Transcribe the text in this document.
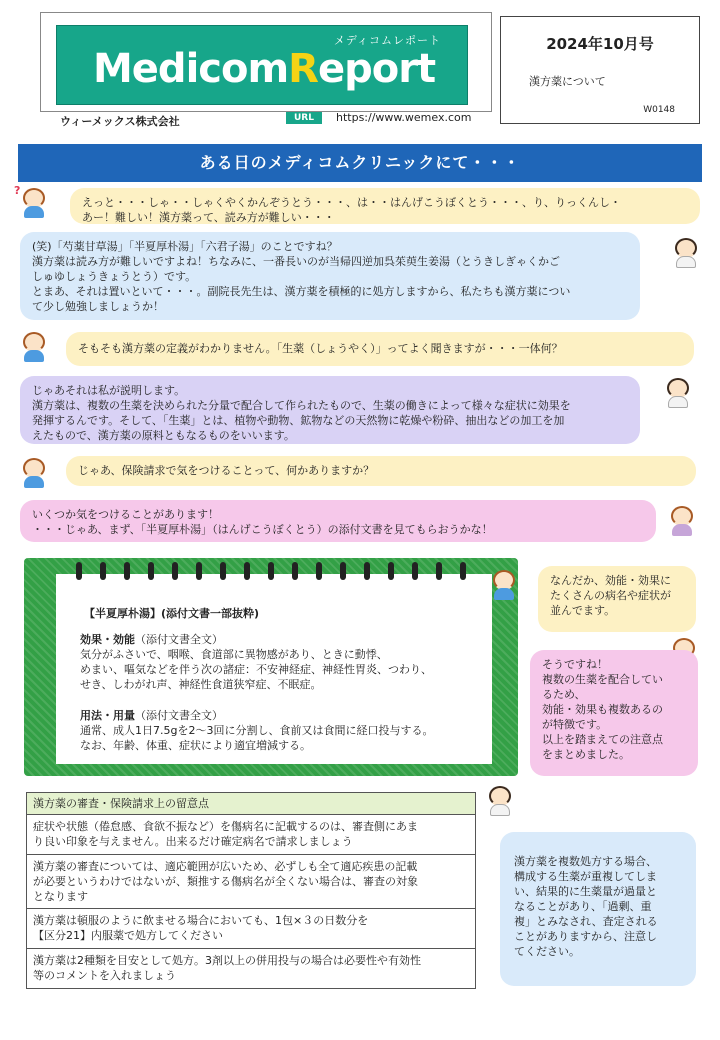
メディコムレポート
MedicomReport
ウィーメックス株式会社	URL	https://www.wemex.com
2024年10月号
漢方薬について
W0148
ある日のメディコムクリニックにて・・・
?
えっと・・・しゃ・・しゃくやくかんぞうとう・・・、は・・はんげこうぼくとう・・・、り、りっくんし・
あー！難しい！漢方薬って、読み方が難しい・・・
(笑)「芍薬甘草湯」「半夏厚朴湯」「六君子湯」のことですね？
漢方薬は読み方が難しいですよね！ちなみに、一番長いのが当帰四逆加呉茱萸生姜湯（とうきしぎゃくかご
しゅゆしょうきょうとう）です。
とまあ、それは置いといて・・・。副院長先生は、漢方薬を積極的に処方しますから、私たちも漢方薬につい
て少し勉強しましょうか！
そもそも漢方薬の定義がわかりません。「生薬（しょうやく）」ってよく聞きますが・・・一体何？
じゃあそれは私が説明します。
漢方薬は、複数の生薬を決められた分量で配合して作られたもので、生薬の働きによって様々な症状に効果を
発揮するんです。そして、「生薬」とは、植物や動物、鉱物などの天然物に乾燥や粉砕、抽出などの加工を加
えたもので、漢方薬の原料ともなるものをいいます。
じゃあ、保険請求で気をつけることって、何かありますか？
いくつか気をつけることがあります！
・・・じゃあ、まず、「半夏厚朴湯」（はんげこうぼくとう）の添付文書を見てもらおうかな！
【半夏厚朴湯】(添付文書一部抜粋)
効果・効能（添付文書全文）
気分がふさいで、咽喉、食道部に異物感があり、ときに動悸、
めまい、嘔気などを伴う次の諸症：不安神経症、神経性胃炎、つわり、
せき、しわがれ声、神経性食道狭窄症、不眠症。
用法・用量（添付文書全文）
通常、成人1日7.5gを2〜3回に分割し、食前又は食間に経口投与する。
なお、年齢、体重、症状により適宜増減する。
なんだか、効能・効果に
たくさんの病名や症状が
並んでます。
そうですね！
複数の生薬を配合してい
るため、
効能・効果も複数あるの
が特徴です。
以上を踏まえての注意点
をまとめました。
漢方薬を複数処方する場合、
構成する生薬が重複してしま
い、結果的に生薬量が過量と
なることがあり、「過剰、重
複」とみなされ、査定される
ことがありますから、注意し
てください。
漢方薬の審査・保険請求上の留意点
症状や状態（倦怠感、食欲不振など）を傷病名に記載するのは、審査側にあま
り良い印象を与えません。出来るだけ確定病名で請求しましょう
漢方薬の審査については、適応範囲が広いため、必ずしも全て適応疾患の記載
が必要というわけではないが、類推する傷病名が全くない場合は、審査の対象
となります
漢方薬は頓服のように飲ませる場合においても、1包×３の日数分を
【区分21】内服薬で処方してください
漢方薬は2種類を目安として処方。3剤以上の併用投与の場合は必要性や有効性
等のコメントを入れましょう
